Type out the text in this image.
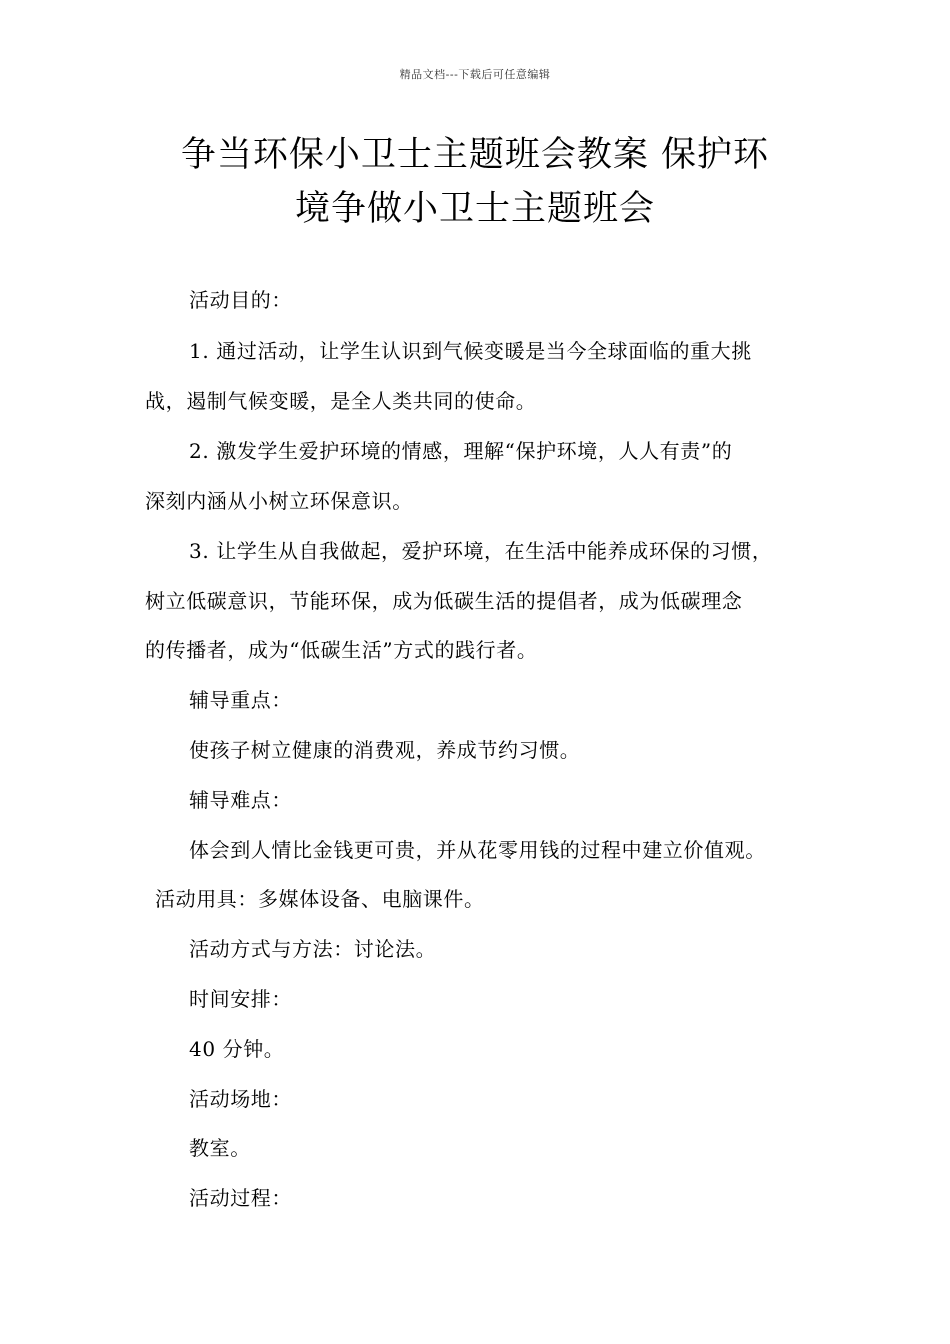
精品文档---下载后可任意编辑
争当环保小卫士主题班会教案 保护环
境争做小卫士主题班会
活动目的：
1. 通过活动，让学生认识到气候变暖是当今全球面临的重大挑
战，遏制气候变暖，是全人类共同的使命。
2. 激发学生爱护环境的情感，理解“保护环境，人人有责”的
深刻内涵从小树立环保意识。
3. 让学生从自我做起，爱护环境，在生活中能养成环保的习惯，
树立低碳意识，节能环保，成为低碳生活的提倡者，成为低碳理念
的传播者，成为“低碳生活”方式的践行者。
辅导重点：
使孩子树立健康的消费观，养成节约习惯。
辅导难点：
体会到人情比金钱更可贵，并从花零用钱的过程中建立价值观。
活动用具：多媒体设备、电脑课件。
活动方式与方法：讨论法。
时间安排：
40 分钟。
活动场地：
教室。
活动过程：
